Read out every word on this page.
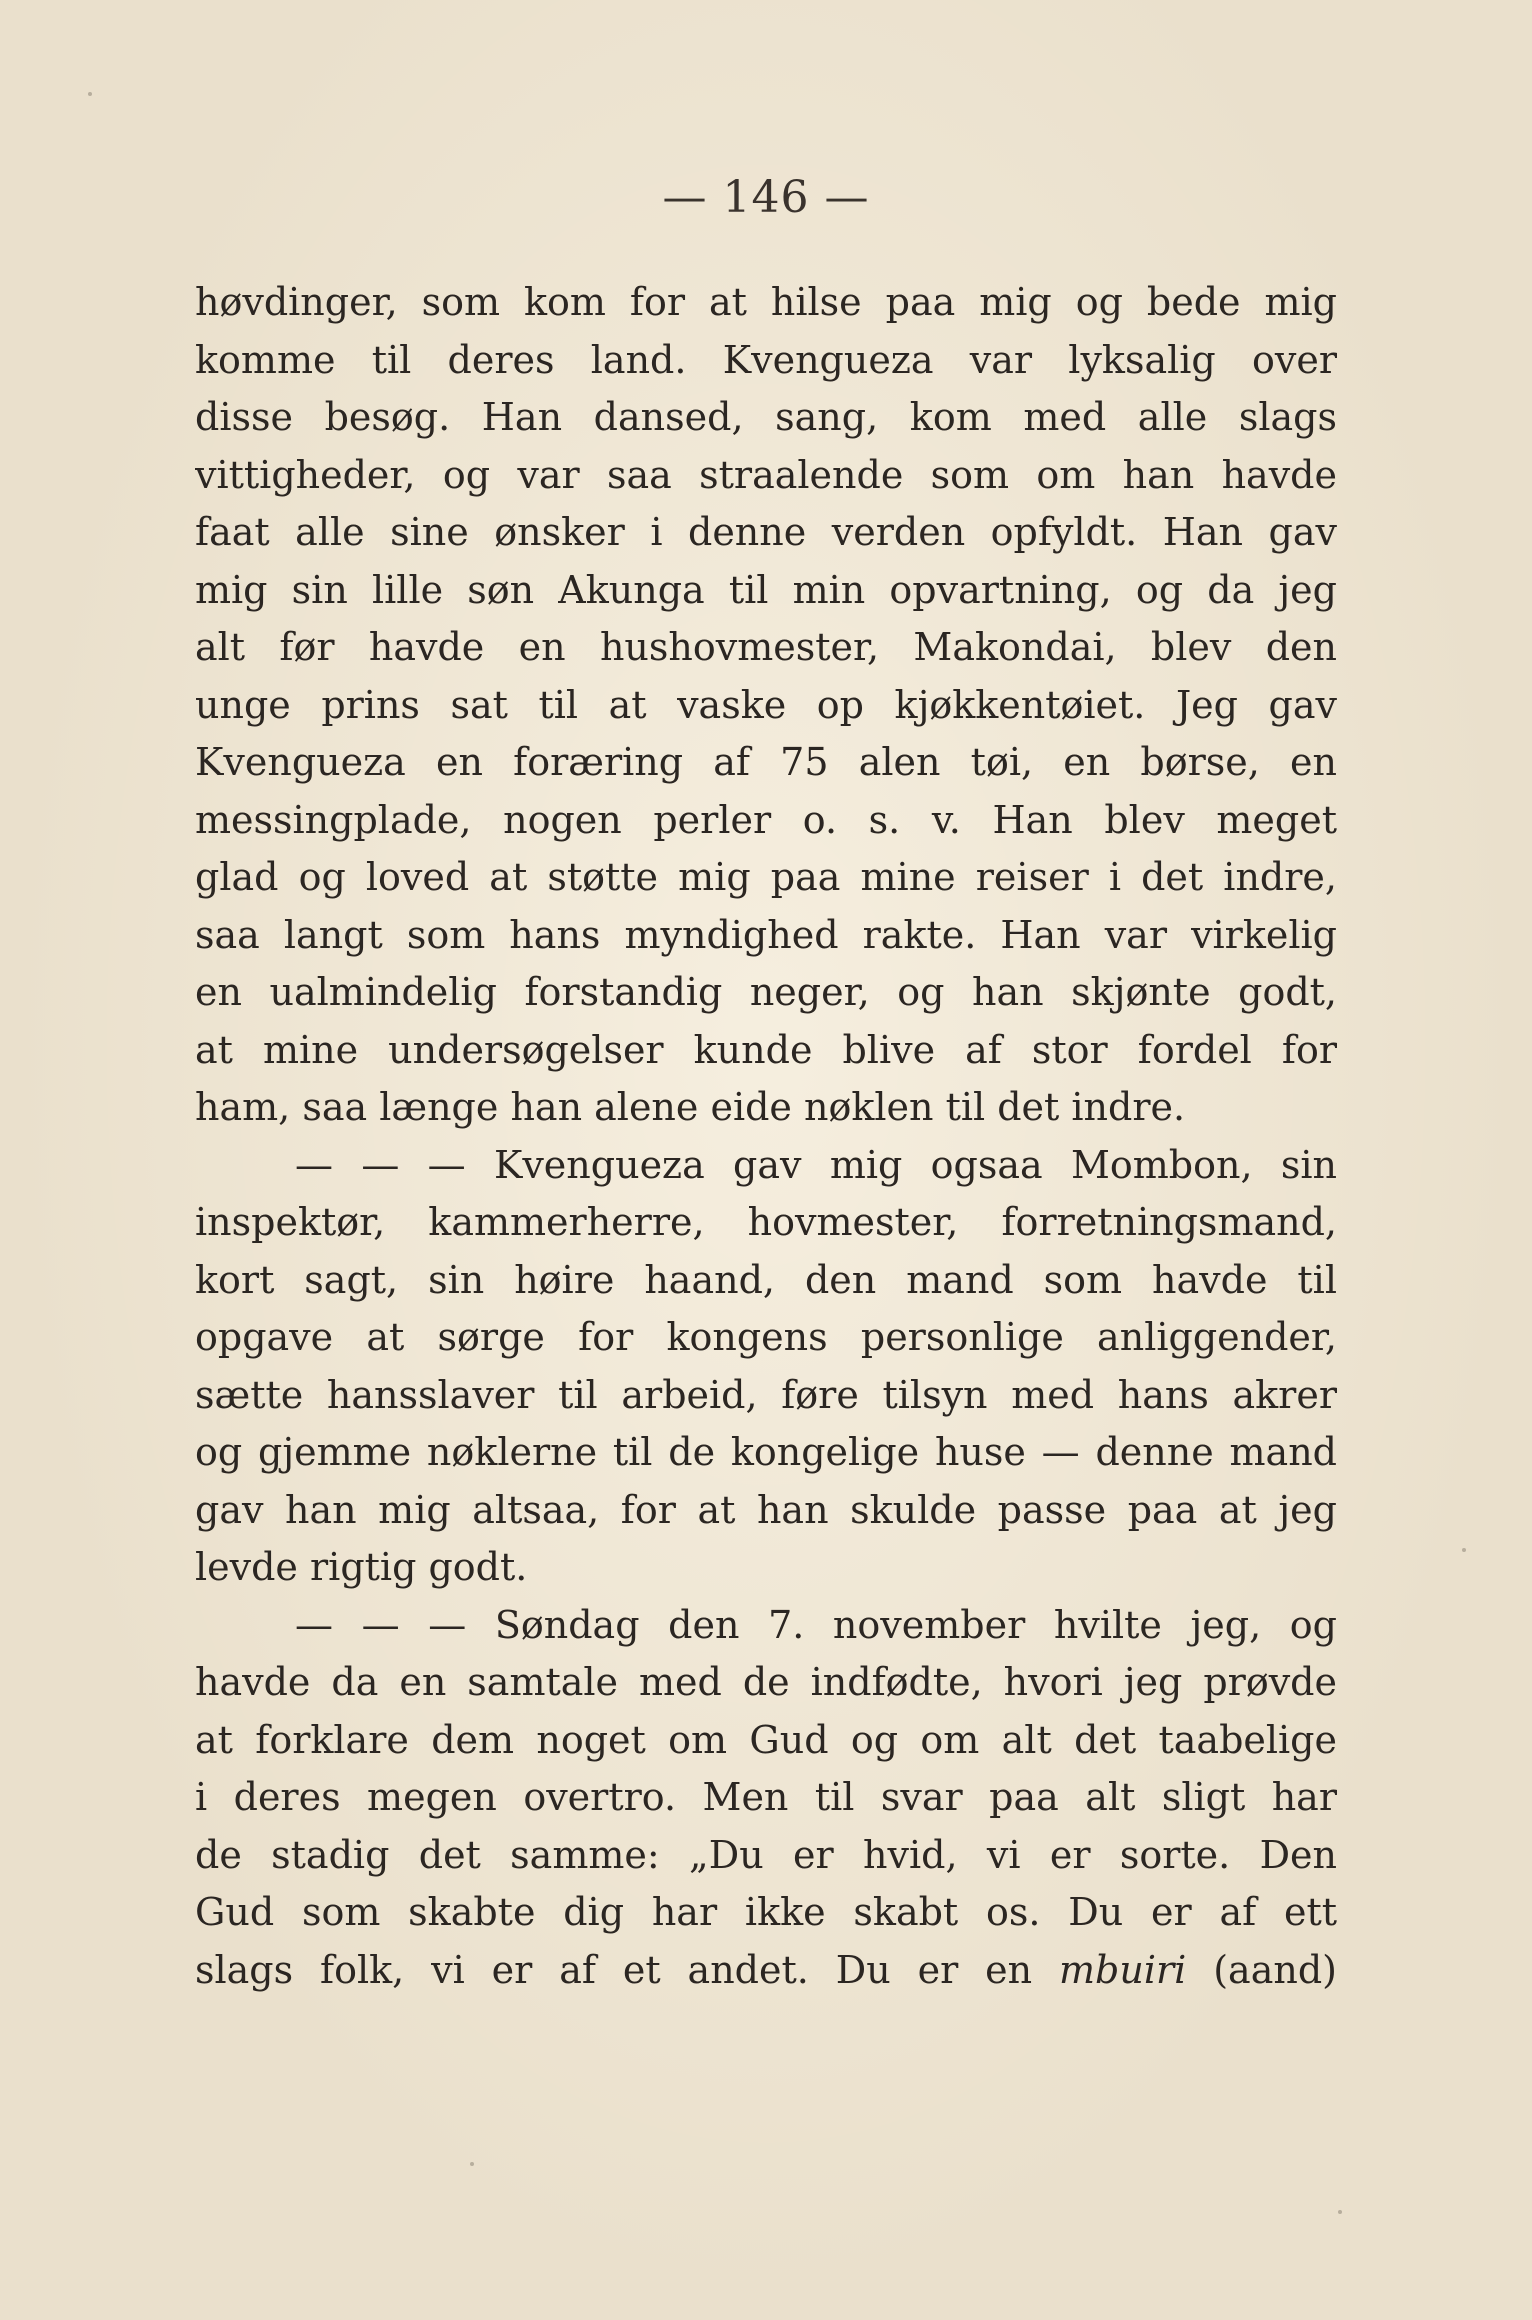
— 146 —
høvdinger, som kom for at hilse paa mig og bede mig
komme til deres land. Kvengueza var lyksalig over
disse besøg. Han dansed, sang, kom med alle slags
vittigheder, og var saa straalende som om han havde
faat alle sine ønsker i denne verden opfyldt. Han gav
mig sin lille søn Akunga til min opvartning, og da jeg
alt før havde en hushovmester, Makondai, blev den
unge prins sat til at vaske op kjøkkentøiet. Jeg gav
Kvengueza en foræring af 75 alen tøi, en børse, en
messingplade, nogen perler o. s. v. Han blev meget
glad og loved at støtte mig paa mine reiser i det indre,
saa langt som hans myndighed rakte. Han var virkelig
en ualmindelig forstandig neger, og han skjønte godt,
at mine undersøgelser kunde blive af stor fordel for
ham, saa længe han alene eide nøklen til det indre.
— — — Kvengueza gav mig ogsaa Mombon, sin
inspektør, kammerherre, hovmester, forretningsmand,
kort sagt, sin høire haand, den mand som havde til
opgave at sørge for kongens personlige anliggender,
sætte hansslaver til arbeid, føre tilsyn med hans akrer
og gjemme nøklerne til de kongelige huse — denne mand
gav han mig altsaa, for at han skulde passe paa at jeg
levde rigtig godt.
— — — Søndag den 7. november hvilte jeg, og
havde da en samtale med de indfødte, hvori jeg prøvde
at forklare dem noget om Gud og om alt det taabelige
i deres megen overtro. Men til svar paa alt sligt har
de stadig det samme: „Du er hvid, vi er sorte. Den
Gud som skabte dig har ikke skabt os. Du er af ett
slags folk, vi er af et andet. Du er en mbuiri (aand)
